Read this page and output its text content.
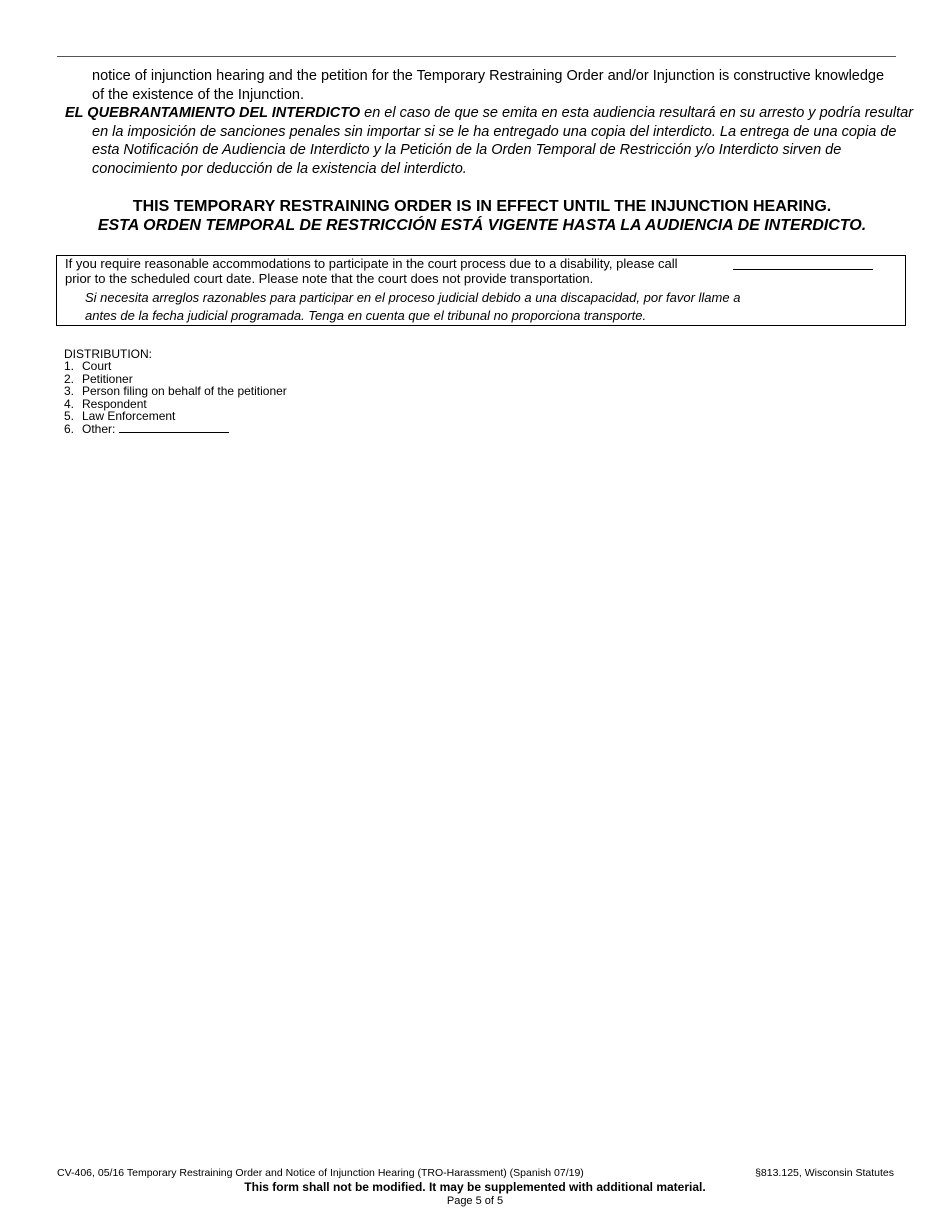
notice of injunction hearing and the petition for the Temporary Restraining Order and/or Injunction is constructive knowledge of the existence of the Injunction.
EL QUEBRANTAMIENTO DEL INTERDICTO en el caso de que se emita en esta audiencia resultará en su arresto y podría resultar en la imposición de sanciones penales sin importar si se le ha entregado una copia del interdicto. La entrega de una copia de esta Notificación de Audiencia de Interdicto y la Petición de la Orden Temporal de Restricción y/o Interdicto sirven de conocimiento por deducción de la existencia del interdicto.
THIS TEMPORARY RESTRAINING ORDER IS IN EFFECT UNTIL THE INJUNCTION HEARING.
ESTA ORDEN TEMPORAL DE RESTRICCIÓN ESTÁ VIGENTE HASTA LA AUDIENCIA DE INTERDICTO.
If you require reasonable accommodations to participate in the court process due to a disability, please call
prior to the scheduled court date. Please note that the court does not provide transportation.
Si necesita arreglos razonables para participar en el proceso judicial debido a una discapacidad, por favor llame a
antes de la fecha judicial programada. Tenga en cuenta que el tribunal no proporciona transporte.
DISTRIBUTION:
1. Court
2. Petitioner
3. Person filing on behalf of the petitioner
4. Respondent
5. Law Enforcement
6. Other:
CV-406, 05/16 Temporary Restraining Order and Notice of Injunction Hearing (TRO-Harassment) (Spanish 07/19)	§813.125, Wisconsin Statutes
This form shall not be modified. It may be supplemented with additional material.
Page 5 of 5
